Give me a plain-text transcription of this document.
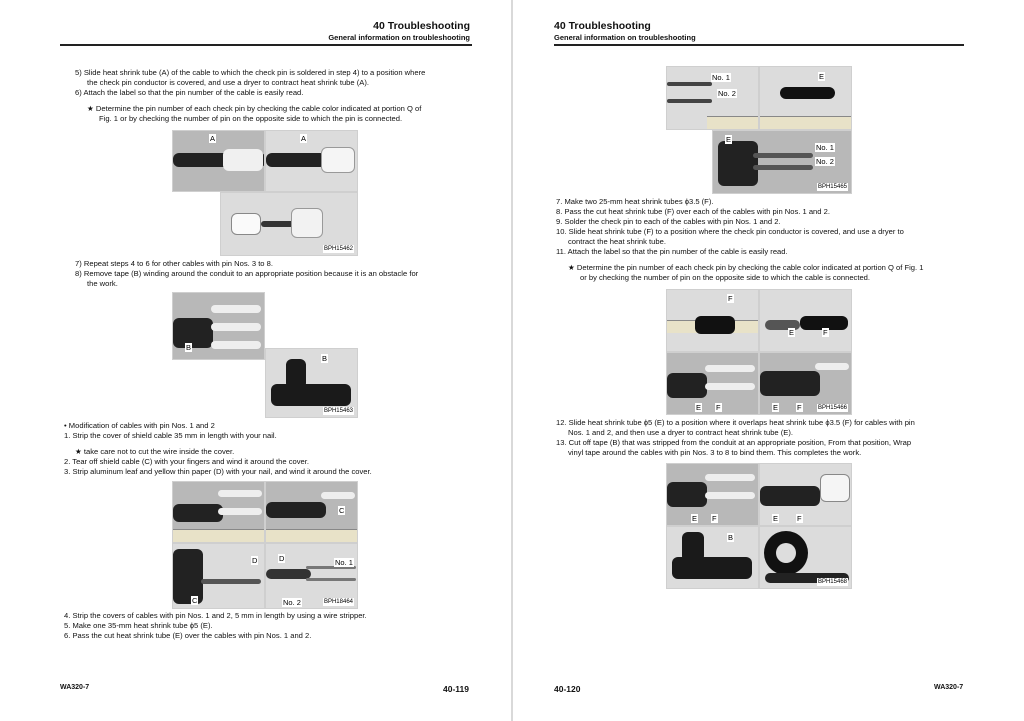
40 Troubleshooting
General information on troubleshooting
5) Slide heat shrink tube (A) of the cable to which the check pin is soldered in step 4) to a position where
the check pin conductor is covered, and use a dryer to contract heat shrink tube (A).
6) Attach the label so that the pin number of the cable is easily read.
★ Determine the pin number of each check pin by checking the cable color indicated at portion Q of
Fig. 1 or by checking the number of pin on the opposite side to which the pin is connected.
A	A
BPH15462
7) Repeat steps 4 to 6 for other cables with pin Nos. 3 to 8.
8) Remove tape (B) winding around the conduit to an appropriate position because it is an obstacle for
the work.
B
B
BPH15463
• Modification of cables with pin Nos. 1 and 2
1. Strip the cover of shield cable 35 mm in length with your nail.
★ take care not to cut the wire inside the cover.
2. Tear off shield cable (C) with your fingers and wind it around the cover.
3. Strip aluminum leaf and yellow thin paper (D) with your nail, and wind it around the cover.
C
D
C
D	No. 1
No. 2	BPH18464
4. Strip the covers of cables with pin Nos. 1 and 2, 5 mm in length by using a wire stripper.
5. Make one 35-mm heat shrink tube ϕ5 (E).
6. Pass the cut heat shrink tube (E) over the cables with pin Nos. 1 and 2.
WA320-7	40-119
40 Troubleshooting
General information on troubleshooting
No. 1
No. 2
E
E
No. 1
No. 2
BPH15465
7. Make two 25-mm heat shrink tubes ϕ3.5 (F).
8. Pass the cut heat shrink tube (F) over each of the cables with pin Nos. 1 and 2.
9. Solder the check pin to each of the cables with pin Nos. 1 and 2.
10. Slide heat shrink tube (F) to a position where the check pin conductor is covered, and use a dryer to
contract the heat shrink tube.
11. Attach the label so that the pin number of the cable is easily read.
★ Determine the pin number of each check pin by checking the cable color indicated at portion Q of Fig. 1
or by checking the number of pin on the opposite side to which the cable is connected.
F
E	F
E F	E	F	BPH15466
12. Slide heat shrink tube ϕ5 (E) to a position where it overlaps heat shrink tube ϕ3.5 (F) for cables with pin
Nos. 1 and 2, and then use a dryer to contract heat shrink tube (E).
13. Cut off tape (B) that was stripped from the conduit at an appropriate position, From that position, Wrap
vinyl tape around the cables with pin Nos. 3 to 8 to bind them. This completes the work.
E F	E	F
B
BPH15468
40-120	WA320-7
